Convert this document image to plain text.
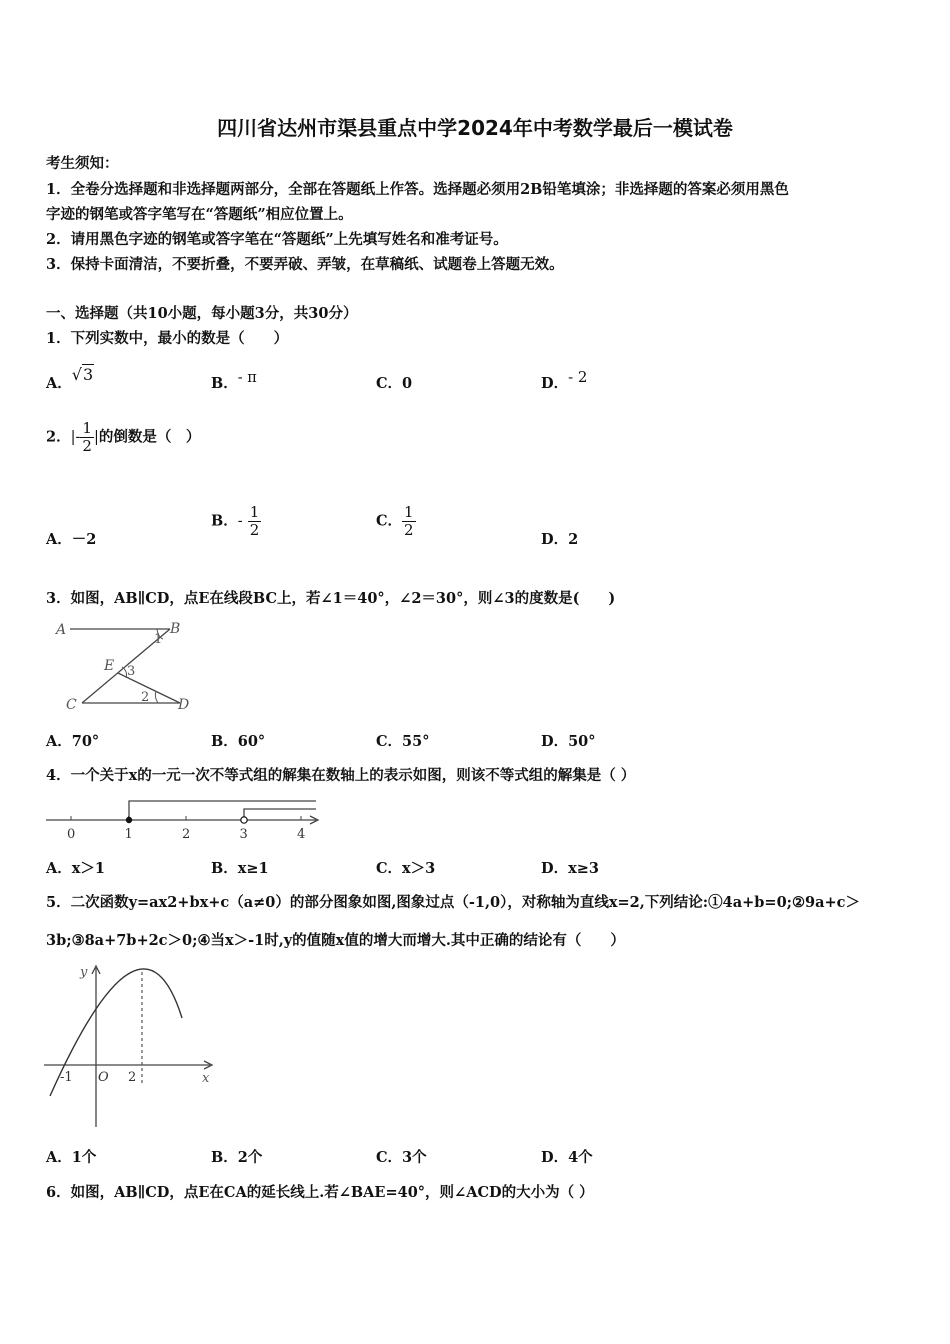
四川省达州市渠县重点中学2024年中考数学最后一模试卷
考生须知：
1．全卷分选择题和非选择题两部分，全部在答题纸上作答。选择题必须用2B铅笔填涂；非选择题的答案必须用黑色
字迹的钢笔或答字笔写在“答题纸”相应位置上。
2．请用黑色字迹的钢笔或答字笔在“答题纸”上先填写姓名和准考证号。
3．保持卡面清洁，不要折叠，不要弄破、弄皱，在草稿纸、试题卷上答题无效。
一、选择题（共10小题，每小题3分，共30分）
1．下列实数中，最小的数是（　　）
A．√3	B．- π	C．0	D．- 2
2．|- $\frac{1}{2}$ |的倒数是（　）
A．－2
B．- $\frac{1}{2}$	C． $\frac{1}{2}$
D．2
3．如图，AB∥CD，点E在线段BC上，若∠1＝40°，∠2＝30°，则∠3的度数是(　　)
A	B
C	D
E
1
3
2
A．70°	B．60°	C．55°	D．50°
4．一个关于x的一元一次不等式组的解集在数轴上的表示如图，则该不等式组的解集是（ ）
0	1	2	3	4
A．x＞1	B．x≥1	C．x＞3	D．x≥3
5．二次函数y=ax2+bx+c（a≠0）的部分图象如图,图象过点（-1,0），对称轴为直线x=2,下列结论:①4a+b=0;②9a+c＞
3b;③8a+7b+2c＞0;④当x＞-1时,y的值随x值的增大而增大.其中正确的结论有（　　）
y
x
-1 O 2
A．1个	B．2个	C．3个	D．4个
6．如图，AB∥CD，点E在CA的延长线上.若∠BAE=40°，则∠ACD的大小为（ ）
